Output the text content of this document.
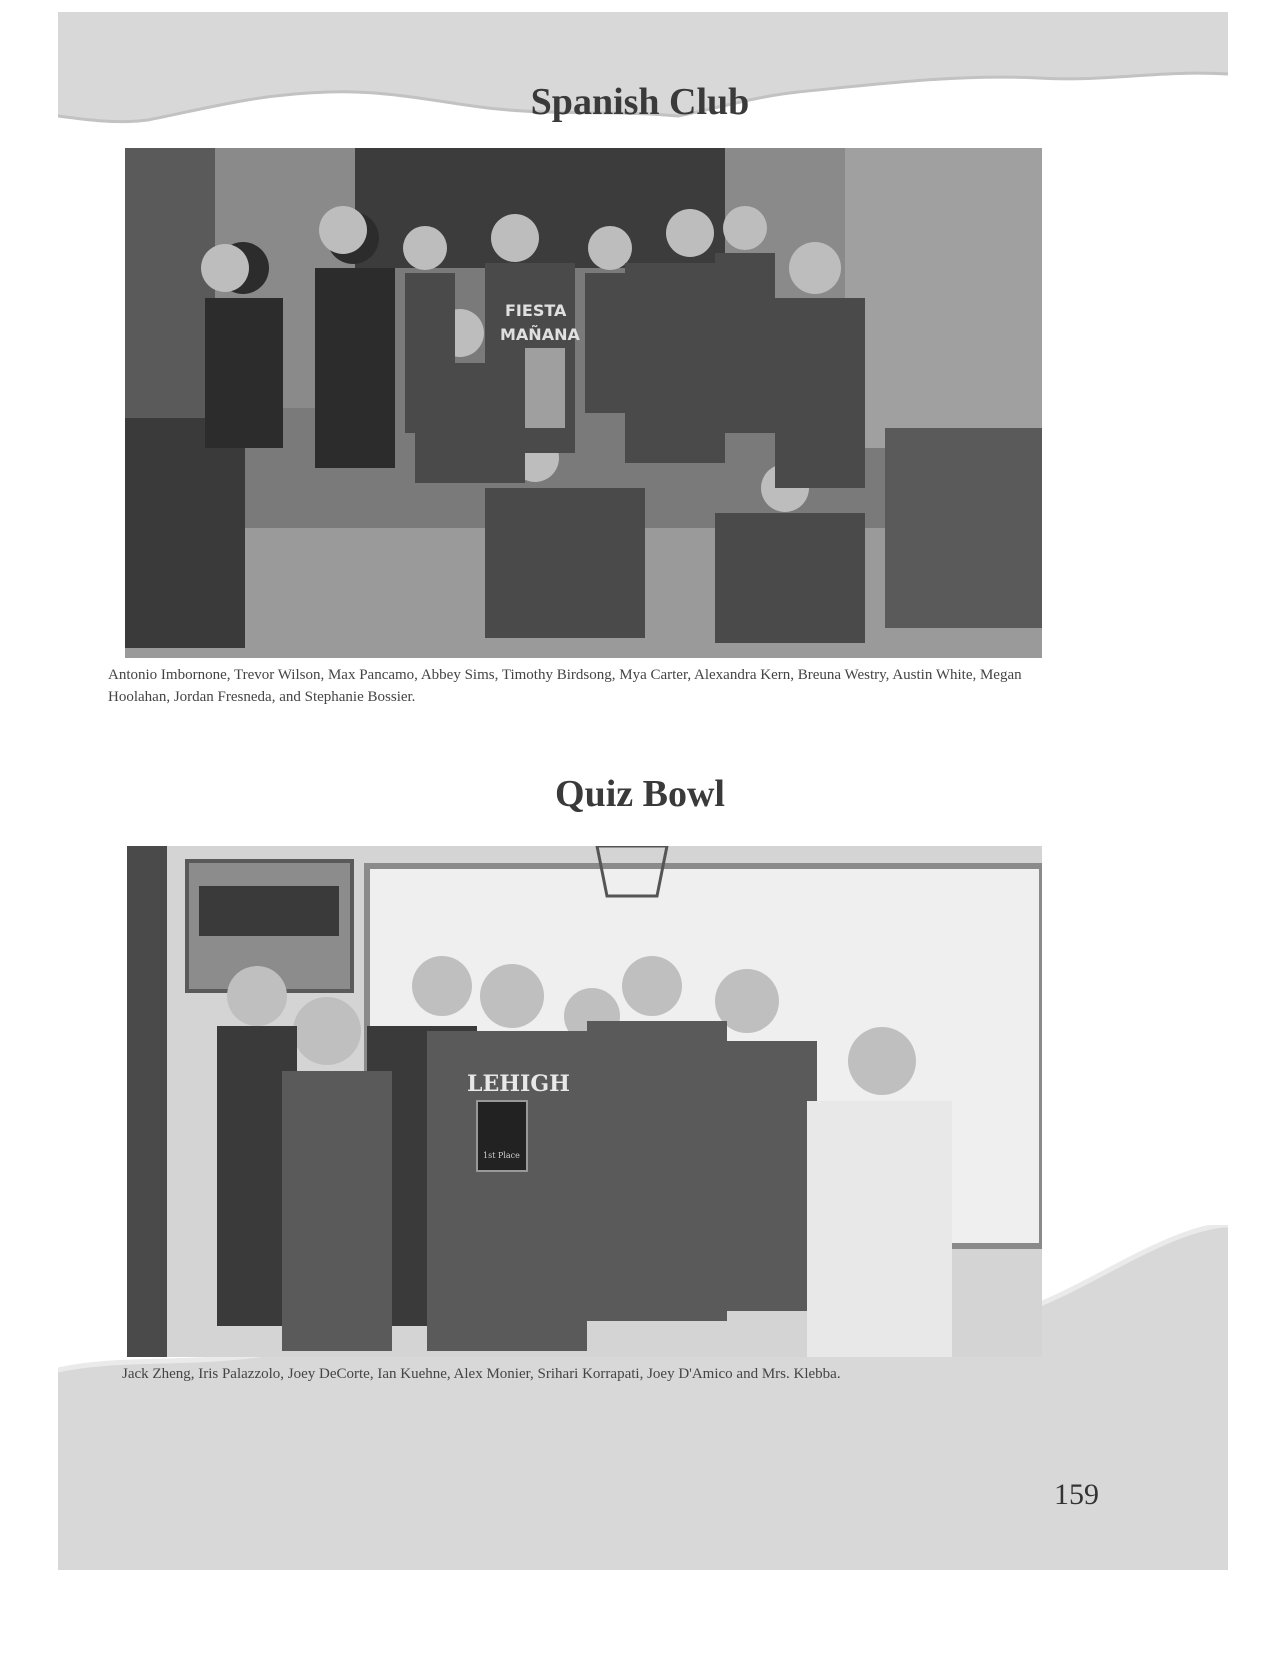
Spanish Club
FIESTA
MAÑANA

Antonio Imbornone, Trevor Wilson, Max Pancamo, Abbey Sims, Timothy Birdsong, Mya Carter, Alexandra Kern, Breuna Westry, Austin White, Megan Hoolahan, Jordan Fresneda, and Stephanie Bossier.

Quiz Bowl
LEHIGH
1st Place

Jack Zheng, Iris Palazzolo, Joey DeCorte, Ian Kuehne, Alex Monier, Srihari Korrapati, Joey D'Amico and Mrs. Klebba.

159
